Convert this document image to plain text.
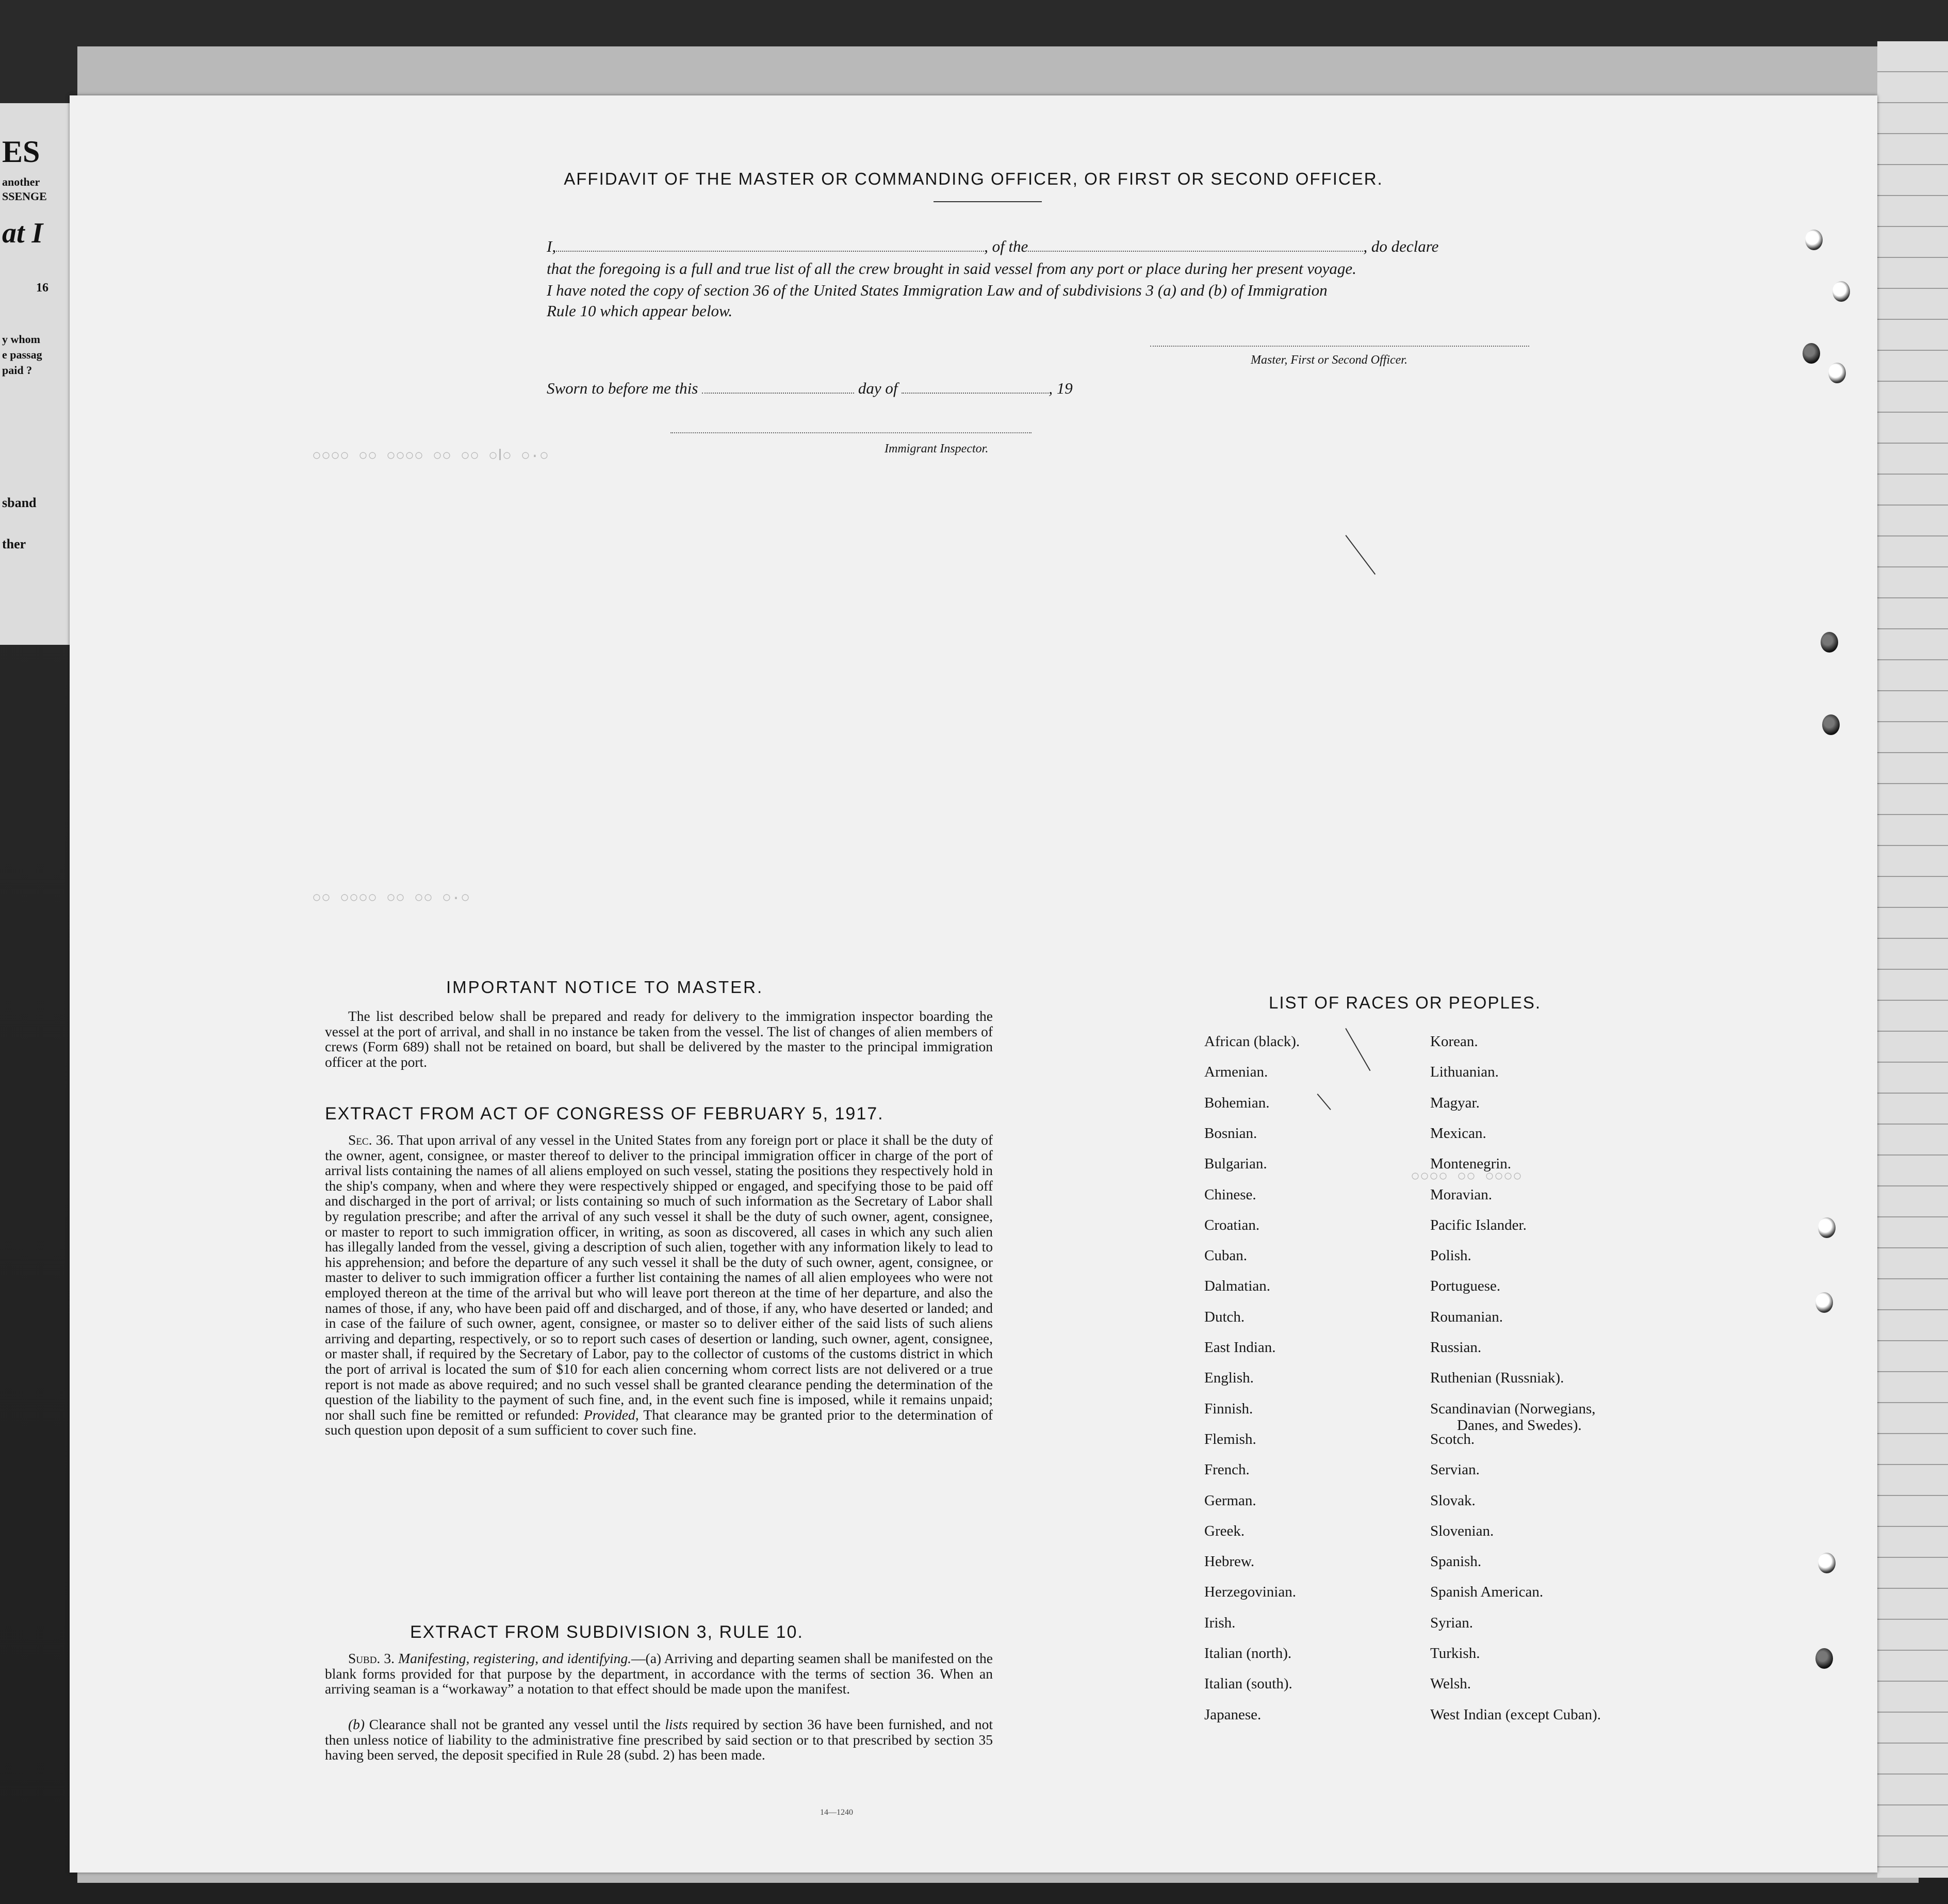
ES
another
SSENGE
at I
16
y whom
e passag
paid ?
sband
ther
○·○ ○Ⅰ○ ○○ ○○ ○○○○ ○○ ○○○○
○·○ ○○ ○○ ○○○○ ○○
○○○○ ○○ ○○○○
AFFIDAVIT OF THE MASTER OR COMMANDING OFFICER, OR FIRST OR SECOND OFFICER.
I,	, of the	, do declare
that the foregoing is a full and true list of all the crew brought in said vessel from any port or place during her present voyage.
I have noted the copy of section 36 of the United States Immigration Law and of subdivisions 3 (a) and (b) of Immigration
Rule 10 which appear below.
Master, First or Second Officer.
Sworn to before me this	day of	, 19
Immigrant Inspector.
IMPORTANT NOTICE TO MASTER.
The list described below shall be prepared and ready for delivery to the immigration inspector boarding the vessel at the port of arrival, and shall in no instance be taken from the vessel. The list of changes of alien members of crews (Form 689) shall not be retained on board, but shall be delivered by the master to the principal immigration officer at the port.
EXTRACT FROM ACT OF CONGRESS OF FEBRUARY 5, 1917.
Sec. 36. That upon arrival of any vessel in the United States from any foreign port or place it shall be the duty of the owner, agent, consignee, or master thereof to deliver to the principal immigration officer in charge of the port of arrival lists containing the names of all aliens employed on such vessel, stating the positions they respectively hold in the ship's company, when and where they were respectively shipped or engaged, and specifying those to be paid off and discharged in the port of arrival; or lists containing so much of such information as the Secretary of Labor shall by regulation prescribe; and after the arrival of any such vessel it shall be the duty of such owner, agent, consignee, or master to report to such immigration officer, in writing, as soon as discovered, all cases in which any such alien has illegally landed from the vessel, giving a description of such alien, together with any information likely to lead to his apprehension; and before the departure of any such vessel it shall be the duty of such owner, agent, consignee, or master to deliver to such immigration officer a further list containing the names of all alien employees who were not employed thereon at the time of the arrival but who will leave port thereon at the time of her departure, and also the names of those, if any, who have been paid off and discharged, and of those, if any, who have deserted or landed; and in case of the failure of such owner, agent, consignee, or master so to deliver either of the said lists of such aliens arriving and departing, respectively, or so to report such cases of desertion or landing, such owner, agent, consignee, or master shall, if required by the Secretary of Labor, pay to the collector of customs of the customs district in which the port of arrival is located the sum of $10 for each alien concerning whom correct lists are not delivered or a true report is not made as above required; and no such vessel shall be granted clearance pending the determination of the question of the liability to the payment of such fine, and, in the event such fine is imposed, while it remains unpaid; nor shall such fine be remitted or refunded: Provided, That clearance may be granted prior to the determination of such question upon deposit of a sum sufficient to cover such fine.
EXTRACT FROM SUBDIVISION 3, RULE 10.
Subd. 3. Manifesting, registering, and identifying.—(a) Arriving and departing seamen shall be manifested on the blank forms provided for that purpose by the department, in accordance with the terms of section 36. When an arriving seaman is a “workaway” a notation to that effect should be made upon the manifest.
(b) Clearance shall not be granted any vessel until the lists required by section 36 have been furnished, and not then unless notice of liability to the administrative fine prescribed by said section or to that prescribed by section 35 having been served, the deposit specified in Rule 28 (subd. 2) has been made.
14—1240
LIST OF RACES OR PEOPLES.
African (black).
Armenian.
Bohemian.
Bosnian.
Bulgarian.
Chinese.
Croatian.
Cuban.
Dalmatian.
Dutch.
East Indian.
English.
Finnish.
Flemish.
French.
German.
Greek.
Hebrew.
Herzegovinian.
Irish.
Italian (north).
Italian (south).
Japanese.
Korean.
Lithuanian.
Magyar.
Mexican.
Montenegrin.
Moravian.
Pacific Islander.
Polish.
Portuguese.
Roumanian.
Russian.
Ruthenian (Russniak).
Scandinavian (Norwegians,
Danes, and Swedes).
Scotch.
Servian.
Slovak.
Slovenian.
Spanish.
Spanish American.
Syrian.
Turkish.
Welsh.
West Indian (except Cuban).
